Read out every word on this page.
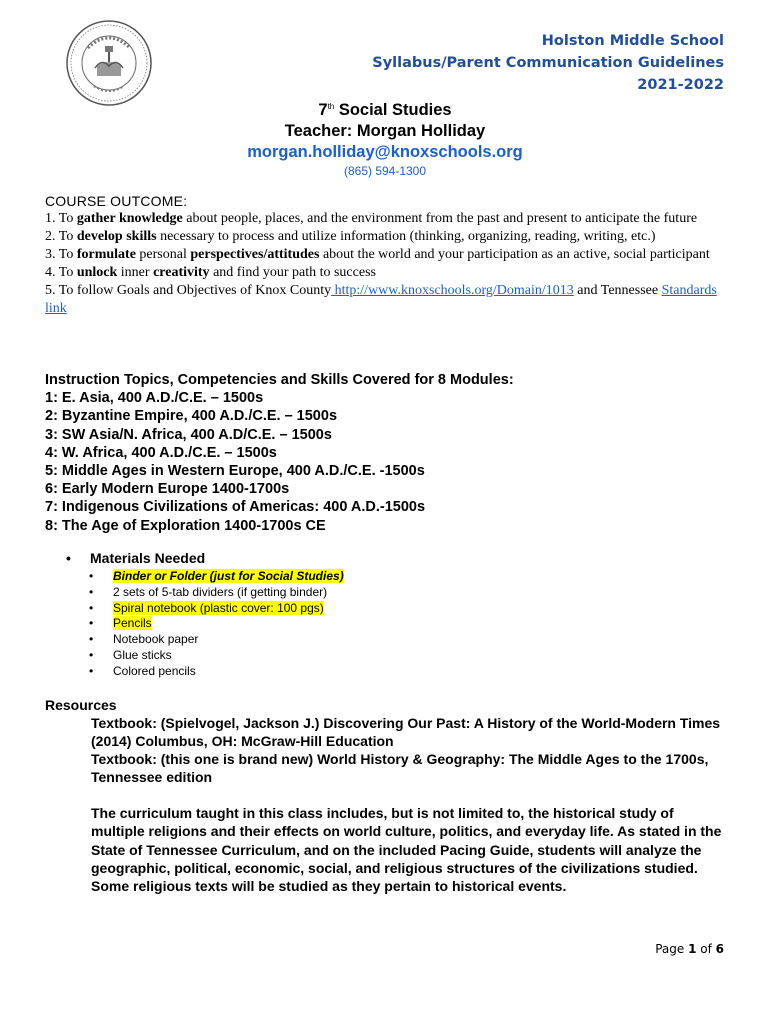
Holston Middle School
Syllabus/Parent Communication Guidelines
2021-2022
7th Social Studies
Teacher: Morgan Holliday
morgan.holliday@knoxschools.org
(865) 594-1300
COURSE OUTCOME:

1. To gather knowledge about people, places, and the environment from the past and present to anticipate the future

2. To develop skills necessary to process and utilize information (thinking, organizing, reading, writing, etc.)

3. To formulate personal perspectives/attitudes about the world and your participation as an active, social participant

4. To unlock inner creativity and find your path to success

5. To follow Goals and Objectives of Knox County http://www.knoxschools.org/Domain/1013 and Tennessee Standards link

Instruction Topics, Competencies and Skills Covered for 8 Modules:
1: E. Asia, 400 A.D./C.E. – 1500s
2: Byzantine Empire, 400 A.D./C.E. – 1500s
3: SW Asia/N. Africa, 400 A.D/C.E. – 1500s
4: W. Africa, 400 A.D./C.E. – 1500s
5: Middle Ages in Western Europe, 400 A.D./C.E. -1500s
6: Early Modern Europe 1400-1700s
7: Indigenous Civilizations of Americas: 400 A.D.-1500s
8: The Age of Exploration 1400-1700s CE
• Materials Needed
• Binder or Folder (just for Social Studies)
• 2 sets of 5-tab dividers (if getting binder)
• Spiral notebook (plastic cover: 100 pgs)
• Pencils
• Notebook paper
• Glue sticks
• Colored pencils
Resources

Textbook: (Spielvogel, Jackson J.) Discovering Our Past: A History of the World-Modern Times (2014) Columbus, OH: McGraw-Hill Education

Textbook: (this one is brand new) World History & Geography: The Middle Ages to the 1700s, Tennessee edition

The curriculum taught in this class includes, but is not limited to, the historical study of multiple religions and their effects on world culture, politics, and everyday life. As stated in the State of Tennessee Curriculum, and on the included Pacing Guide, students will analyze the geographic, political, economic, social, and religious structures of the civilizations studied. Some religious texts will be studied as they pertain to historical events.
Page 1 of 6
